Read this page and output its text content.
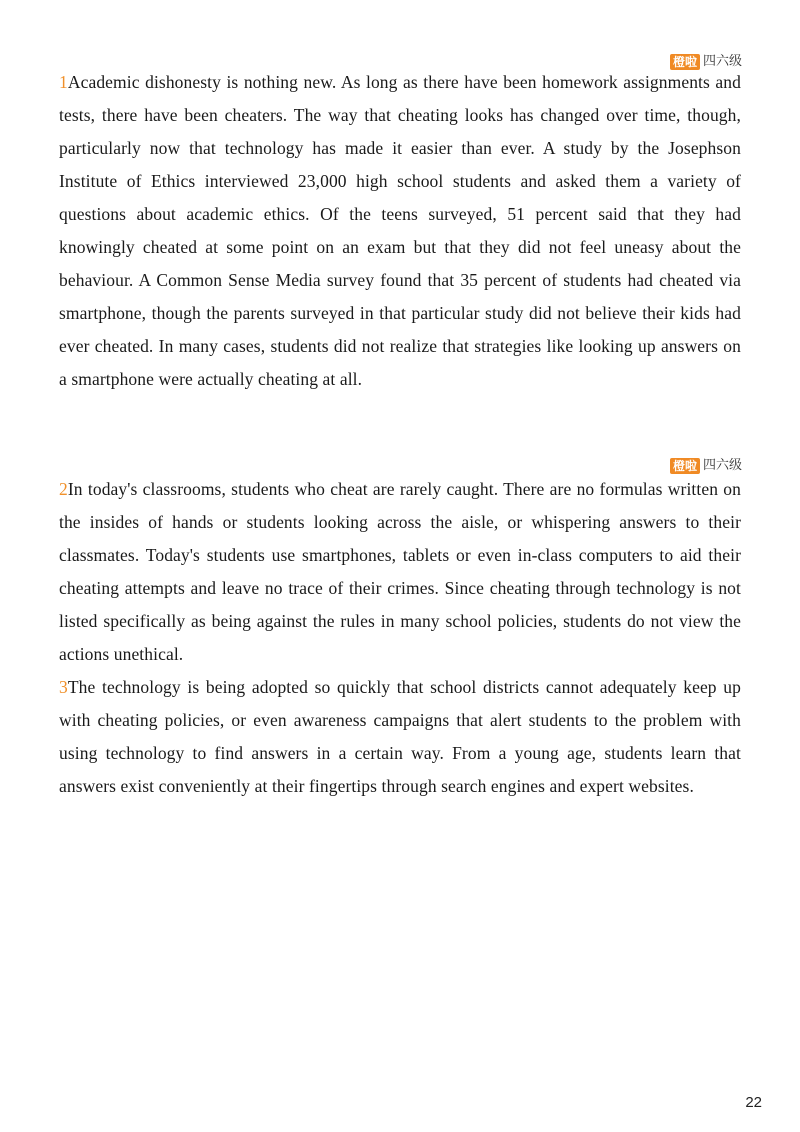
橙啦 四六级

1Academic dishonesty is nothing new. As long as there have been homework assignments and tests, there have been cheaters. The way that cheating looks has changed over time, though, particularly now that technology has made it easier than ever. A study by the Josephson Institute of Ethics interviewed 23,000 high school students and asked them a variety of questions about academic ethics. Of the teens surveyed, 51 percent said that they had knowingly cheated at some point on an exam but that they did not feel uneasy about the behaviour. A Common Sense Media survey found that 35 percent of students had cheated via smartphone, though the parents surveyed in that particular study did not believe their kids had ever cheated. In many cases, students did not realize that strategies like looking up answers on a smartphone were actually cheating at all.

橙啦 四六级

2In today's classrooms, students who cheat are rarely caught. There are no formulas written on the insides of hands or students looking across the aisle, or whispering answers to their classmates. Today's students use smartphones, tablets or even in-class computers to aid their cheating attempts and leave no trace of their crimes. Since cheating through technology is not listed specifically as being against the rules in many school policies, students do not view the actions unethical.

3The technology is being adopted so quickly that school districts cannot adequately keep up with cheating policies, or even awareness campaigns that alert students to the problem with using technology to find answers in a certain way. From a young age, students learn that answers exist conveniently at their fingertips through search engines and expert websites.

22
